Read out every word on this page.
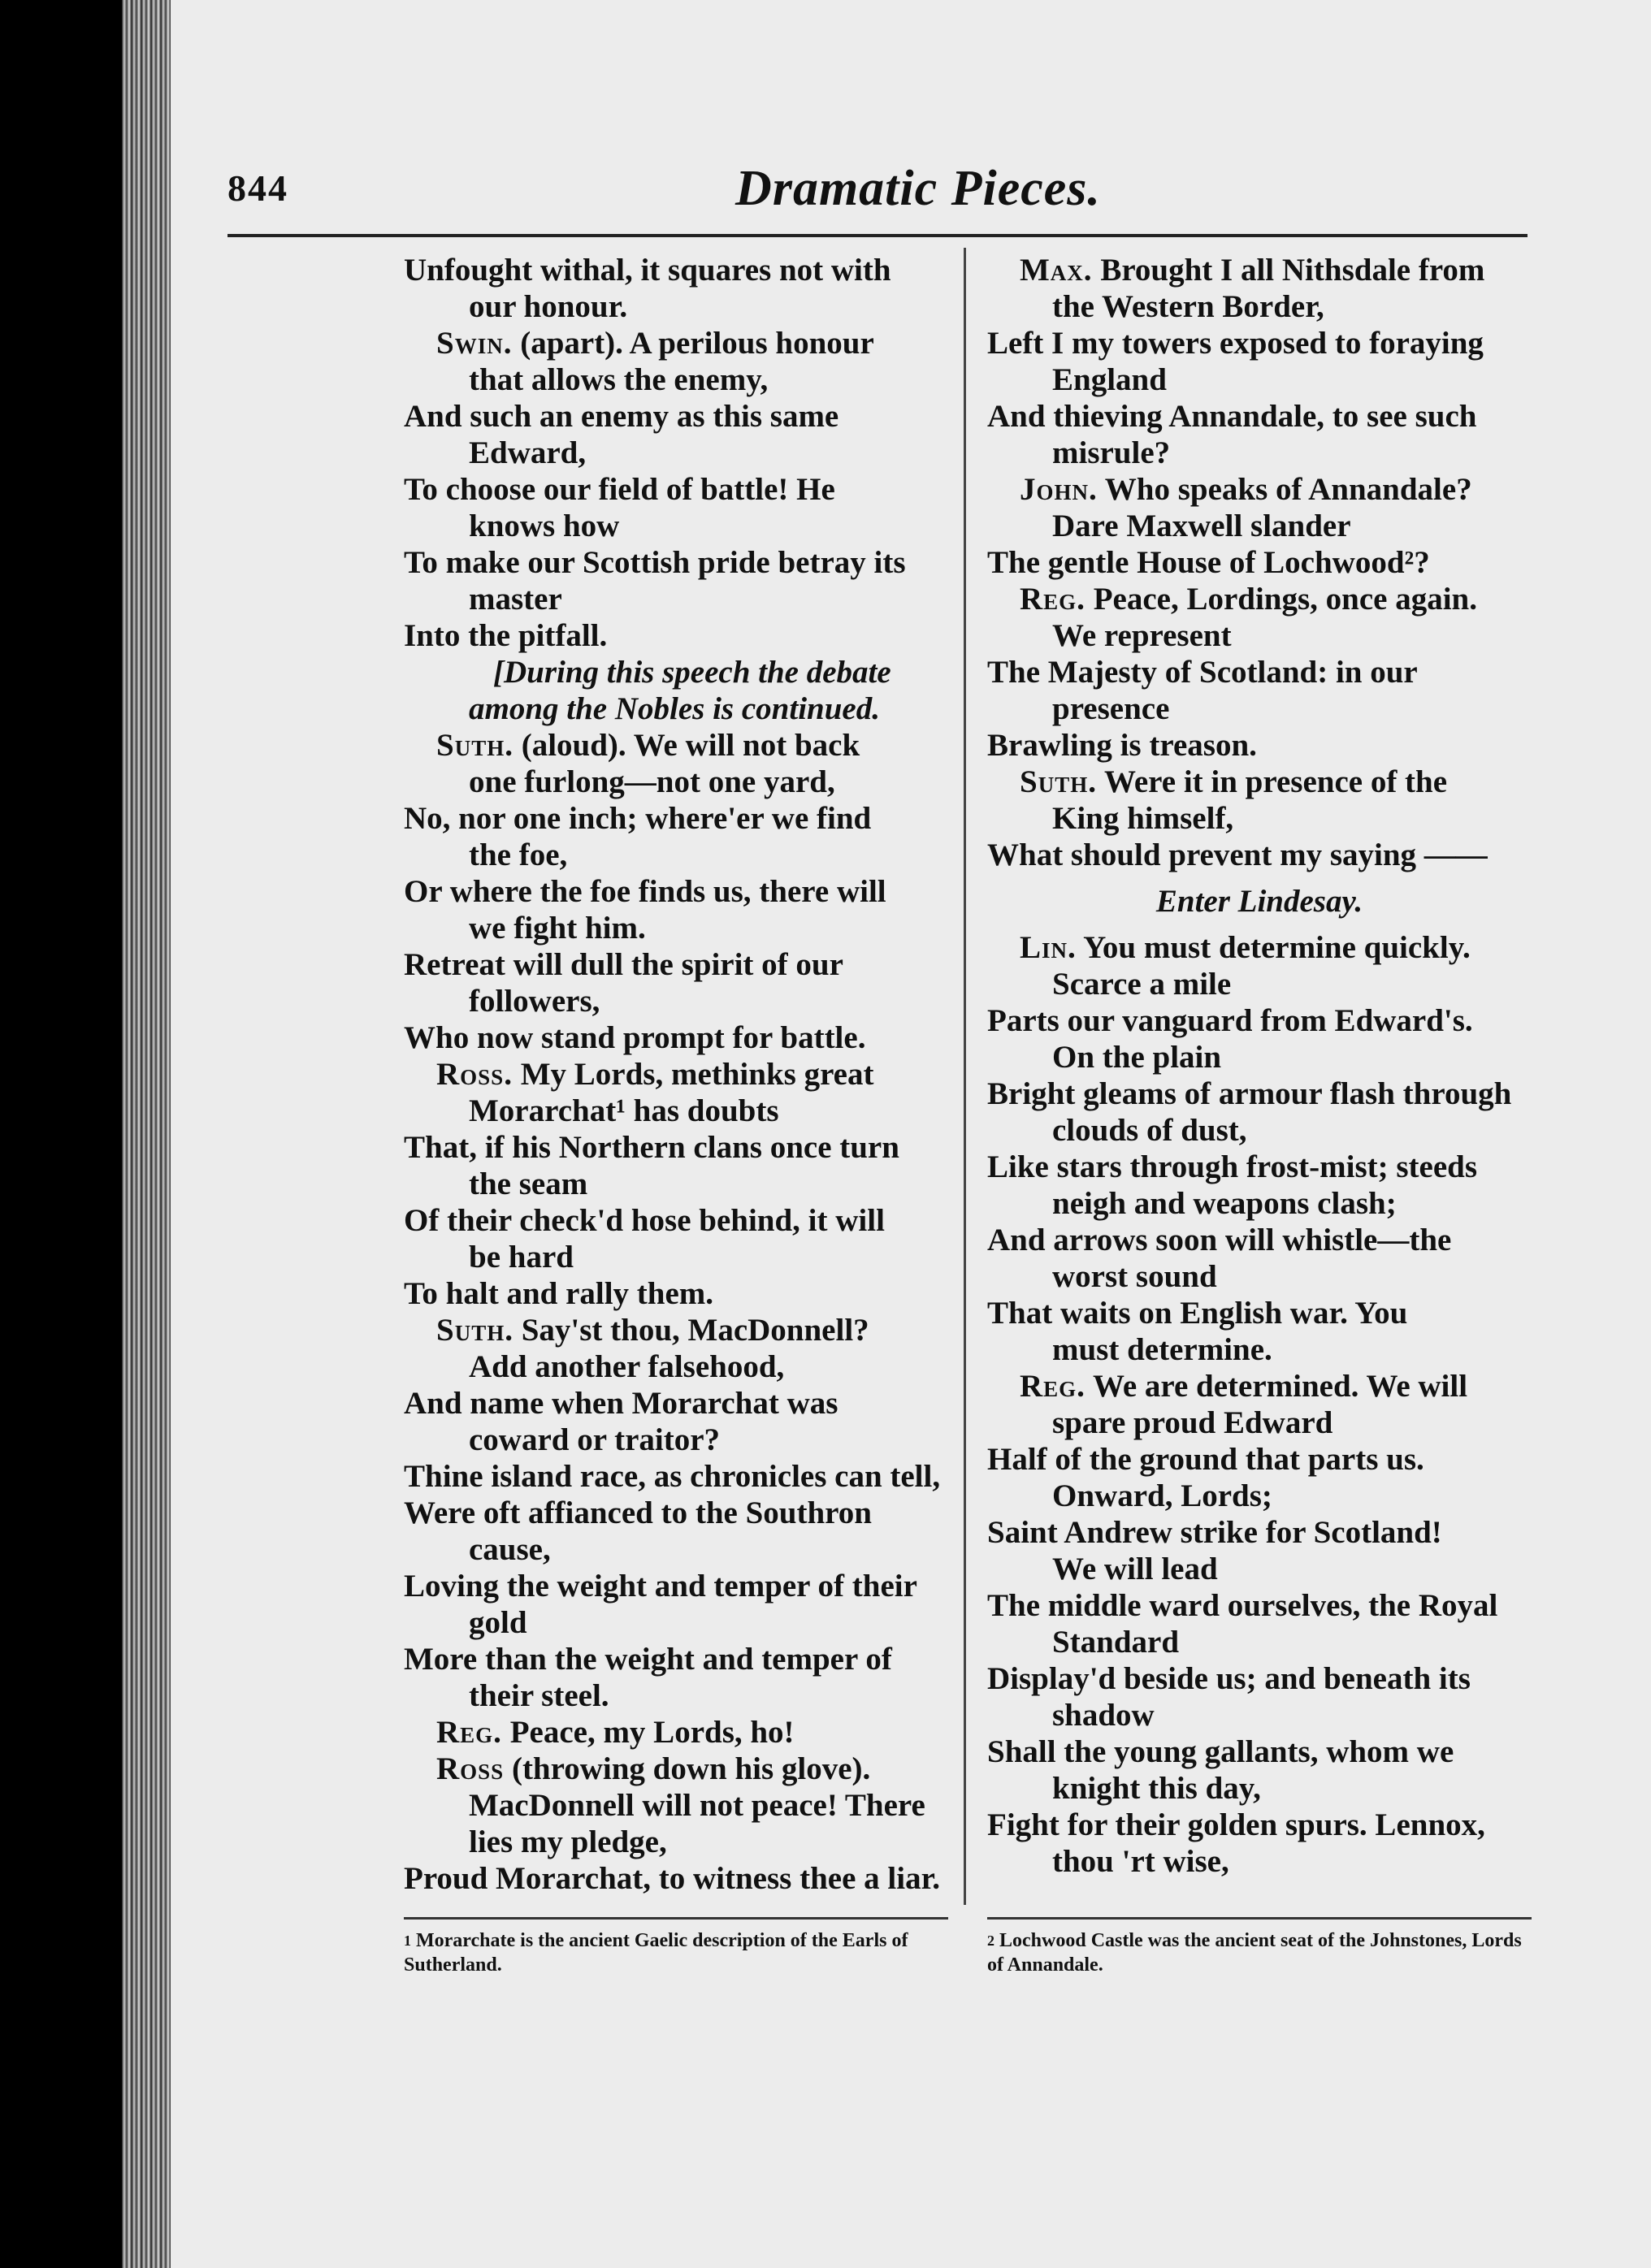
844	Dramatic Pieces.
Unfought withal, it squares not with
our honour.
Swin. (apart). A perilous honour
that allows the enemy,
And such an enemy as this same
Edward,
To choose our field of battle! He
knows how
To make our Scottish pride betray its
master
Into the pitfall.
[During this speech the debate
among the Nobles is continued.
Suth. (aloud). We will not back
one furlong—not one yard,
No, nor one inch; where'er we find
the foe,
Or where the foe finds us, there will
we fight him.
Retreat will dull the spirit of our
followers,
Who now stand prompt for battle.
Ross. My Lords, methinks great
Morarchat¹ has doubts
That, if his Northern clans once turn
the seam
Of their check'd hose behind, it will
be hard
To halt and rally them.
Suth. Say'st thou, MacDonnell?
Add another falsehood,
And name when Morarchat was
coward or traitor?
Thine island race, as chronicles can tell,
Were oft affianced to the Southron
cause,
Loving the weight and temper of their
gold
More than the weight and temper of
their steel.
Reg. Peace, my Lords, ho!
Ross (throwing down his glove).
MacDonnell will not peace! There
lies my pledge,
Proud Morarchat, to witness thee a liar.
Max. Brought I all Nithsdale from
the Western Border,
Left I my towers exposed to foraying
England
And thieving Annandale, to see such
misrule?
John. Who speaks of Annandale?
Dare Maxwell slander
The gentle House of Lochwood²?
Reg. Peace, Lordings, once again.
We represent
The Majesty of Scotland: in our
presence
Brawling is treason.
Suth. Were it in presence of the
King himself,
What should prevent my saying ——
Enter Lindesay.
Lin. You must determine quickly.
Scarce a mile
Parts our vanguard from Edward's.
On the plain
Bright gleams of armour flash through
clouds of dust,
Like stars through frost-mist; steeds
neigh and weapons clash;
And arrows soon will whistle—the
worst sound
That waits on English war. You
must determine.
Reg. We are determined. We will
spare proud Edward
Half of the ground that parts us.
Onward, Lords;
Saint Andrew strike for Scotland!
We will lead
The middle ward ourselves, the Royal
Standard
Display'd beside us; and beneath its
shadow
Shall the young gallants, whom we
knight this day,
Fight for their golden spurs. Lennox,
thou 'rt wise,
$^1$ Morarchate is the ancient Gaelic description of the Earls of Sutherland.
$^2$ Lochwood Castle was the ancient seat of the Johnstones, Lords of Annandale.
